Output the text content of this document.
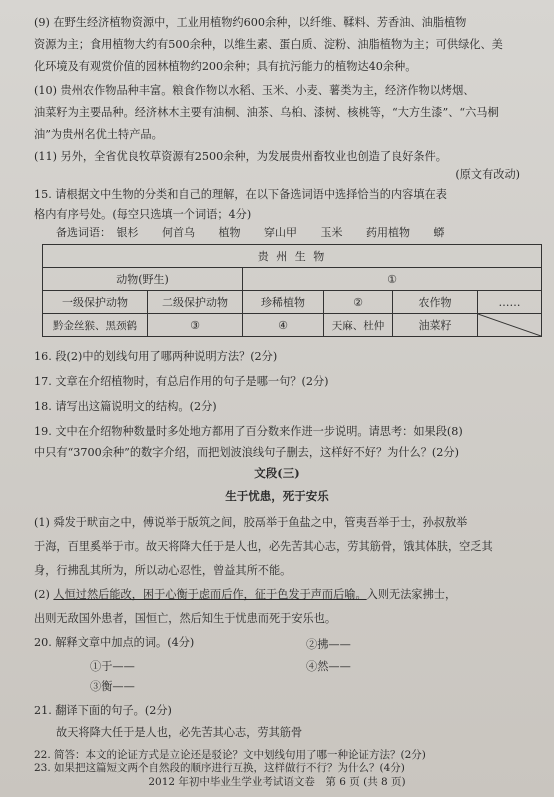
(9) 在野生经济植物资源中，工业用植物约600余种，以纤维、鞣料、芳香油、油脂植物
资源为主；食用植物大约有500余种，以维生素、蛋白质、淀粉、油脂植物为主；可供绿化、美
化环境及有观赏价值的园林植物约200余种；具有抗污能力的植物达40余种。
(10) 贵州农作物品种丰富。粮食作物以水稻、玉米、小麦、薯类为主，经济作物以烤烟、
油菜籽为主要品种。经济林木主要有油桐、油茶、乌桕、漆树、核桃等，“大方生漆”、“六马桐
油”为贵州名优土特产品。
(11) 另外，全省优良牧草资源有2500余种，为发展贵州畜牧业也创造了良好条件。
(原文有改动)
15. 请根据文中生物的分类和自己的理解，在以下备选词语中选择恰当的内容填在表
格内有序号处。(每空只选填一个词语；4分)
备选词语： 银杉 何首乌 植物 穿山甲 玉米 药用植物 蟒
贵 州 生 物					
动物(野生)		①			
一级保护动物	二级保护动物	珍稀植物	②	农作物	……
黔金丝猴、黑颈鹤	③	④	天麻、杜仲	油菜籽	
16. 段(2)中的划线句用了哪两种说明方法？(2分)
17. 文章在介绍植物时，有总启作用的句子是哪一句？(2分)
18. 请写出这篇说明文的结构。(2分)
19. 文中在介绍物种数量时多处地方都用了百分数来作进一步说明。请思考：如果段(8)
中只有“3700余种”的数字介绍，而把划波浪线句子删去，这样好不好？为什么？(2分)
文段(三)
生于忧患，死于安乐
(1) 舜发于畎亩之中，傅说举于版筑之间，胶鬲举于鱼盐之中，管夷吾举于士，孙叔敖举
于海，百里奚举于市。故天将降大任于是人也，必先苦其心志，劳其筋骨，饿其体肤，空乏其
身，行拂乱其所为，所以动心忍性，曾益其所不能。
(2) 人恒过然后能改，困于心衡于虑而后作，征于色发于声而后喻。入则无法家拂士，
出则无敌国外患者，国恒亡，然后知生于忧患而死于安乐也。
20. 解释文章中加点的词。(4分)
①于——
②拂——
③衡——
④然——
21. 翻译下面的句子。(2分)
故天将降大任于是人也，必先苦其心志，劳其筋骨
22. 简答：本文的论证方式是立论还是驳论？文中划线句用了哪一种论证方法？(2分)
23. 如果把这篇短文两个自然段的顺序进行互换，这样做行不行？为什么？(4分)
2012 年初中毕业生学业考试语文卷　第 6 页 (共 8 页)
